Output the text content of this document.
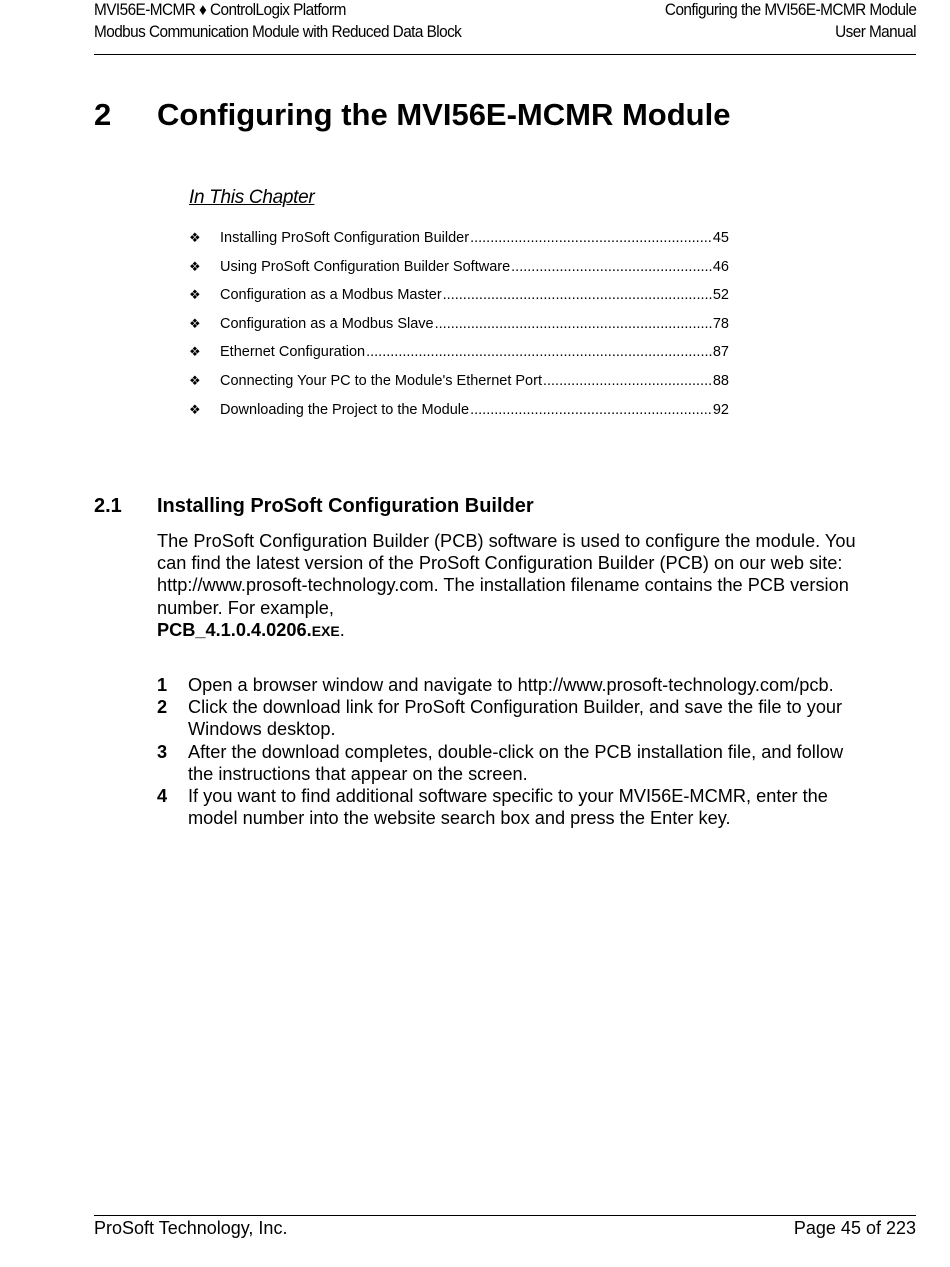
MVI56E-MCMR ♦ ControlLogix Platform
Modbus Communication Module with Reduced Data Block
Configuring the MVI56E-MCMR Module
User Manual
2 Configuring the MVI56E-MCMR Module
In This Chapter
❖	Installing ProSoft Configuration Builder .....	45
❖	Using ProSoft Configuration Builder Software .....	46
❖	Configuration as a Modbus Master .....	52
❖	Configuration as a Modbus Slave .....	78
❖	Ethernet Configuration .....	87
❖	Connecting Your PC to the Module's Ethernet Port .....	88
❖	Downloading the Project to the Module .....	92
2.1 Installing ProSoft Configuration Builder
The ProSoft Configuration Builder (PCB) software is used to configure the module. You can find the latest version of the ProSoft Configuration Builder (PCB) on our web site: http://www.prosoft-technology.com. The installation filename contains the PCB version number. For example,
PCB_4.1.0.4.0206.EXE.
1 Open a browser window and navigate to http://www.prosoft-technology.com/pcb.
2 Click the download link for ProSoft Configuration Builder, and save the file to your Windows desktop.
3 After the download completes, double-click on the PCB installation file, and follow the instructions that appear on the screen.
4 If you want to find additional software specific to your MVI56E-MCMR, enter the model number into the website search box and press the Enter key.
ProSoft Technology, Inc.	Page 45 of 223
